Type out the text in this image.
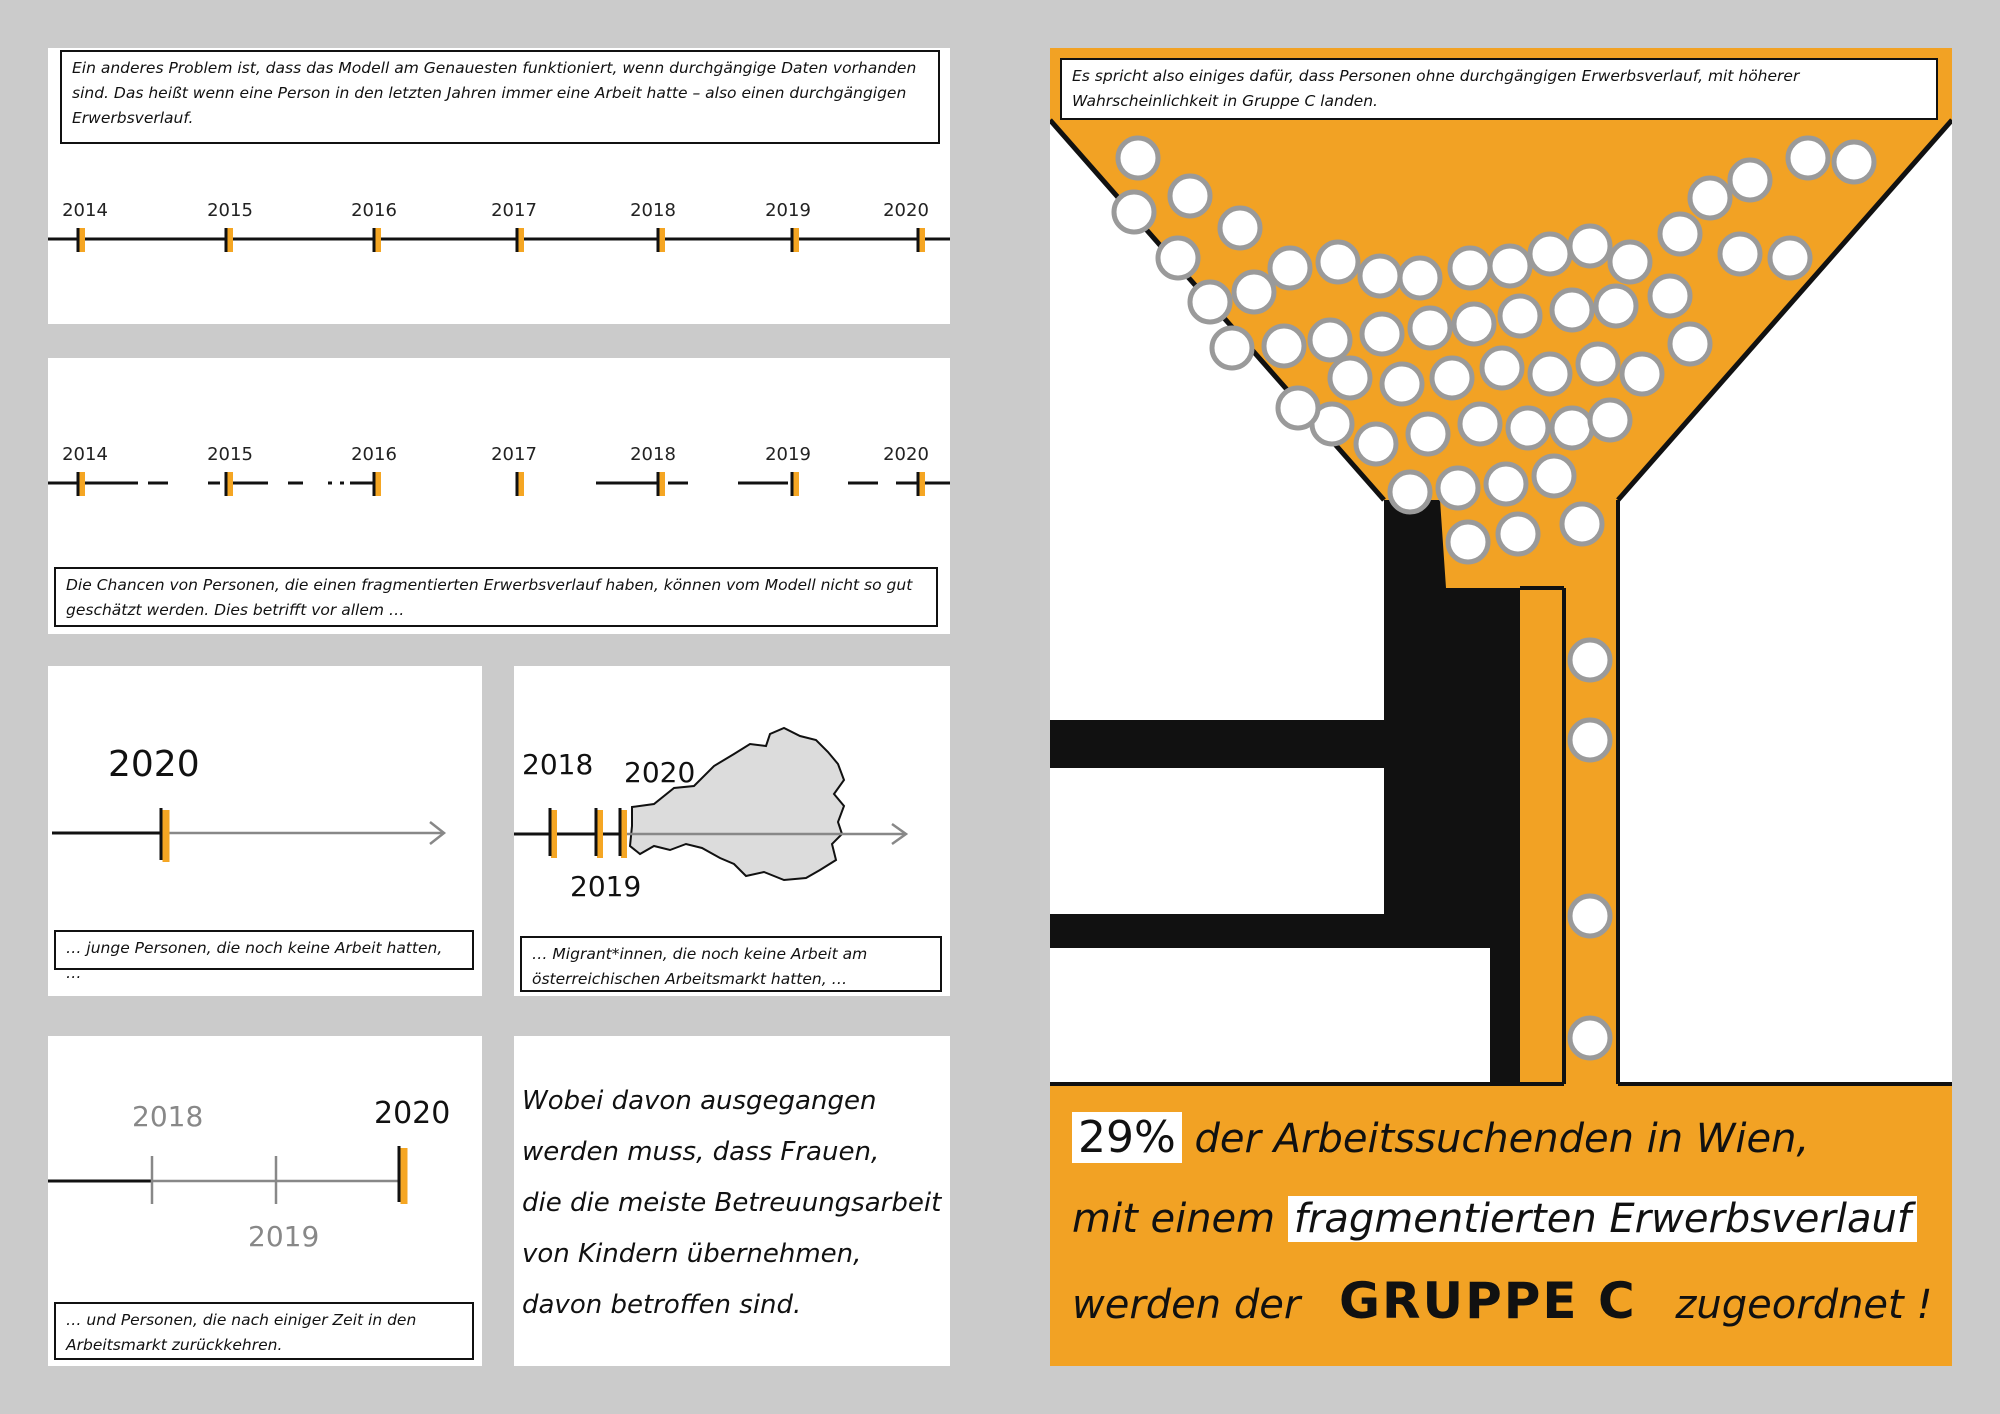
Ein anderes Problem ist, dass das Modell am Genauesten funktioniert, wenn durchgängige Daten vorhanden sind. Das heißt wenn eine Person in den letzten Jahren immer eine Arbeit hatte – also einen durchgängigen Erwerbsverlauf.
2014	2015	2016	2017	2018	2019	2020
2014	2015	2016	2017	2018	2019	2020
Die Chancen von Personen, die einen fragmentierten Erwerbsverlauf haben, können vom Modell nicht so gut geschätzt werden. Dies betrifft vor allem …
2020
… junge Personen, die noch keine Arbeit hatten, …
2018 2020
2019
… Migrant*innen, die noch keine Arbeit am österreichischen Arbeitsmarkt hatten, …
2018
2019
2020
… und Personen, die nach einiger Zeit in den Arbeitsmarkt zurückkehren.
Wobei davon ausgegangen
werden muss, dass Frauen,
die die meiste Betreuungsarbeit
von Kindern übernehmen,
davon betroffen sind.
Es spricht also einiges dafür, dass Personen ohne durchgängigen Erwerbsverlauf, mit höherer Wahrscheinlichkeit in Gruppe C landen.
29% der Arbeitssuchenden in Wien,
mit einem fragmentierten Erwerbsverlauf
werden der GRUPPE C zugeordnet !
